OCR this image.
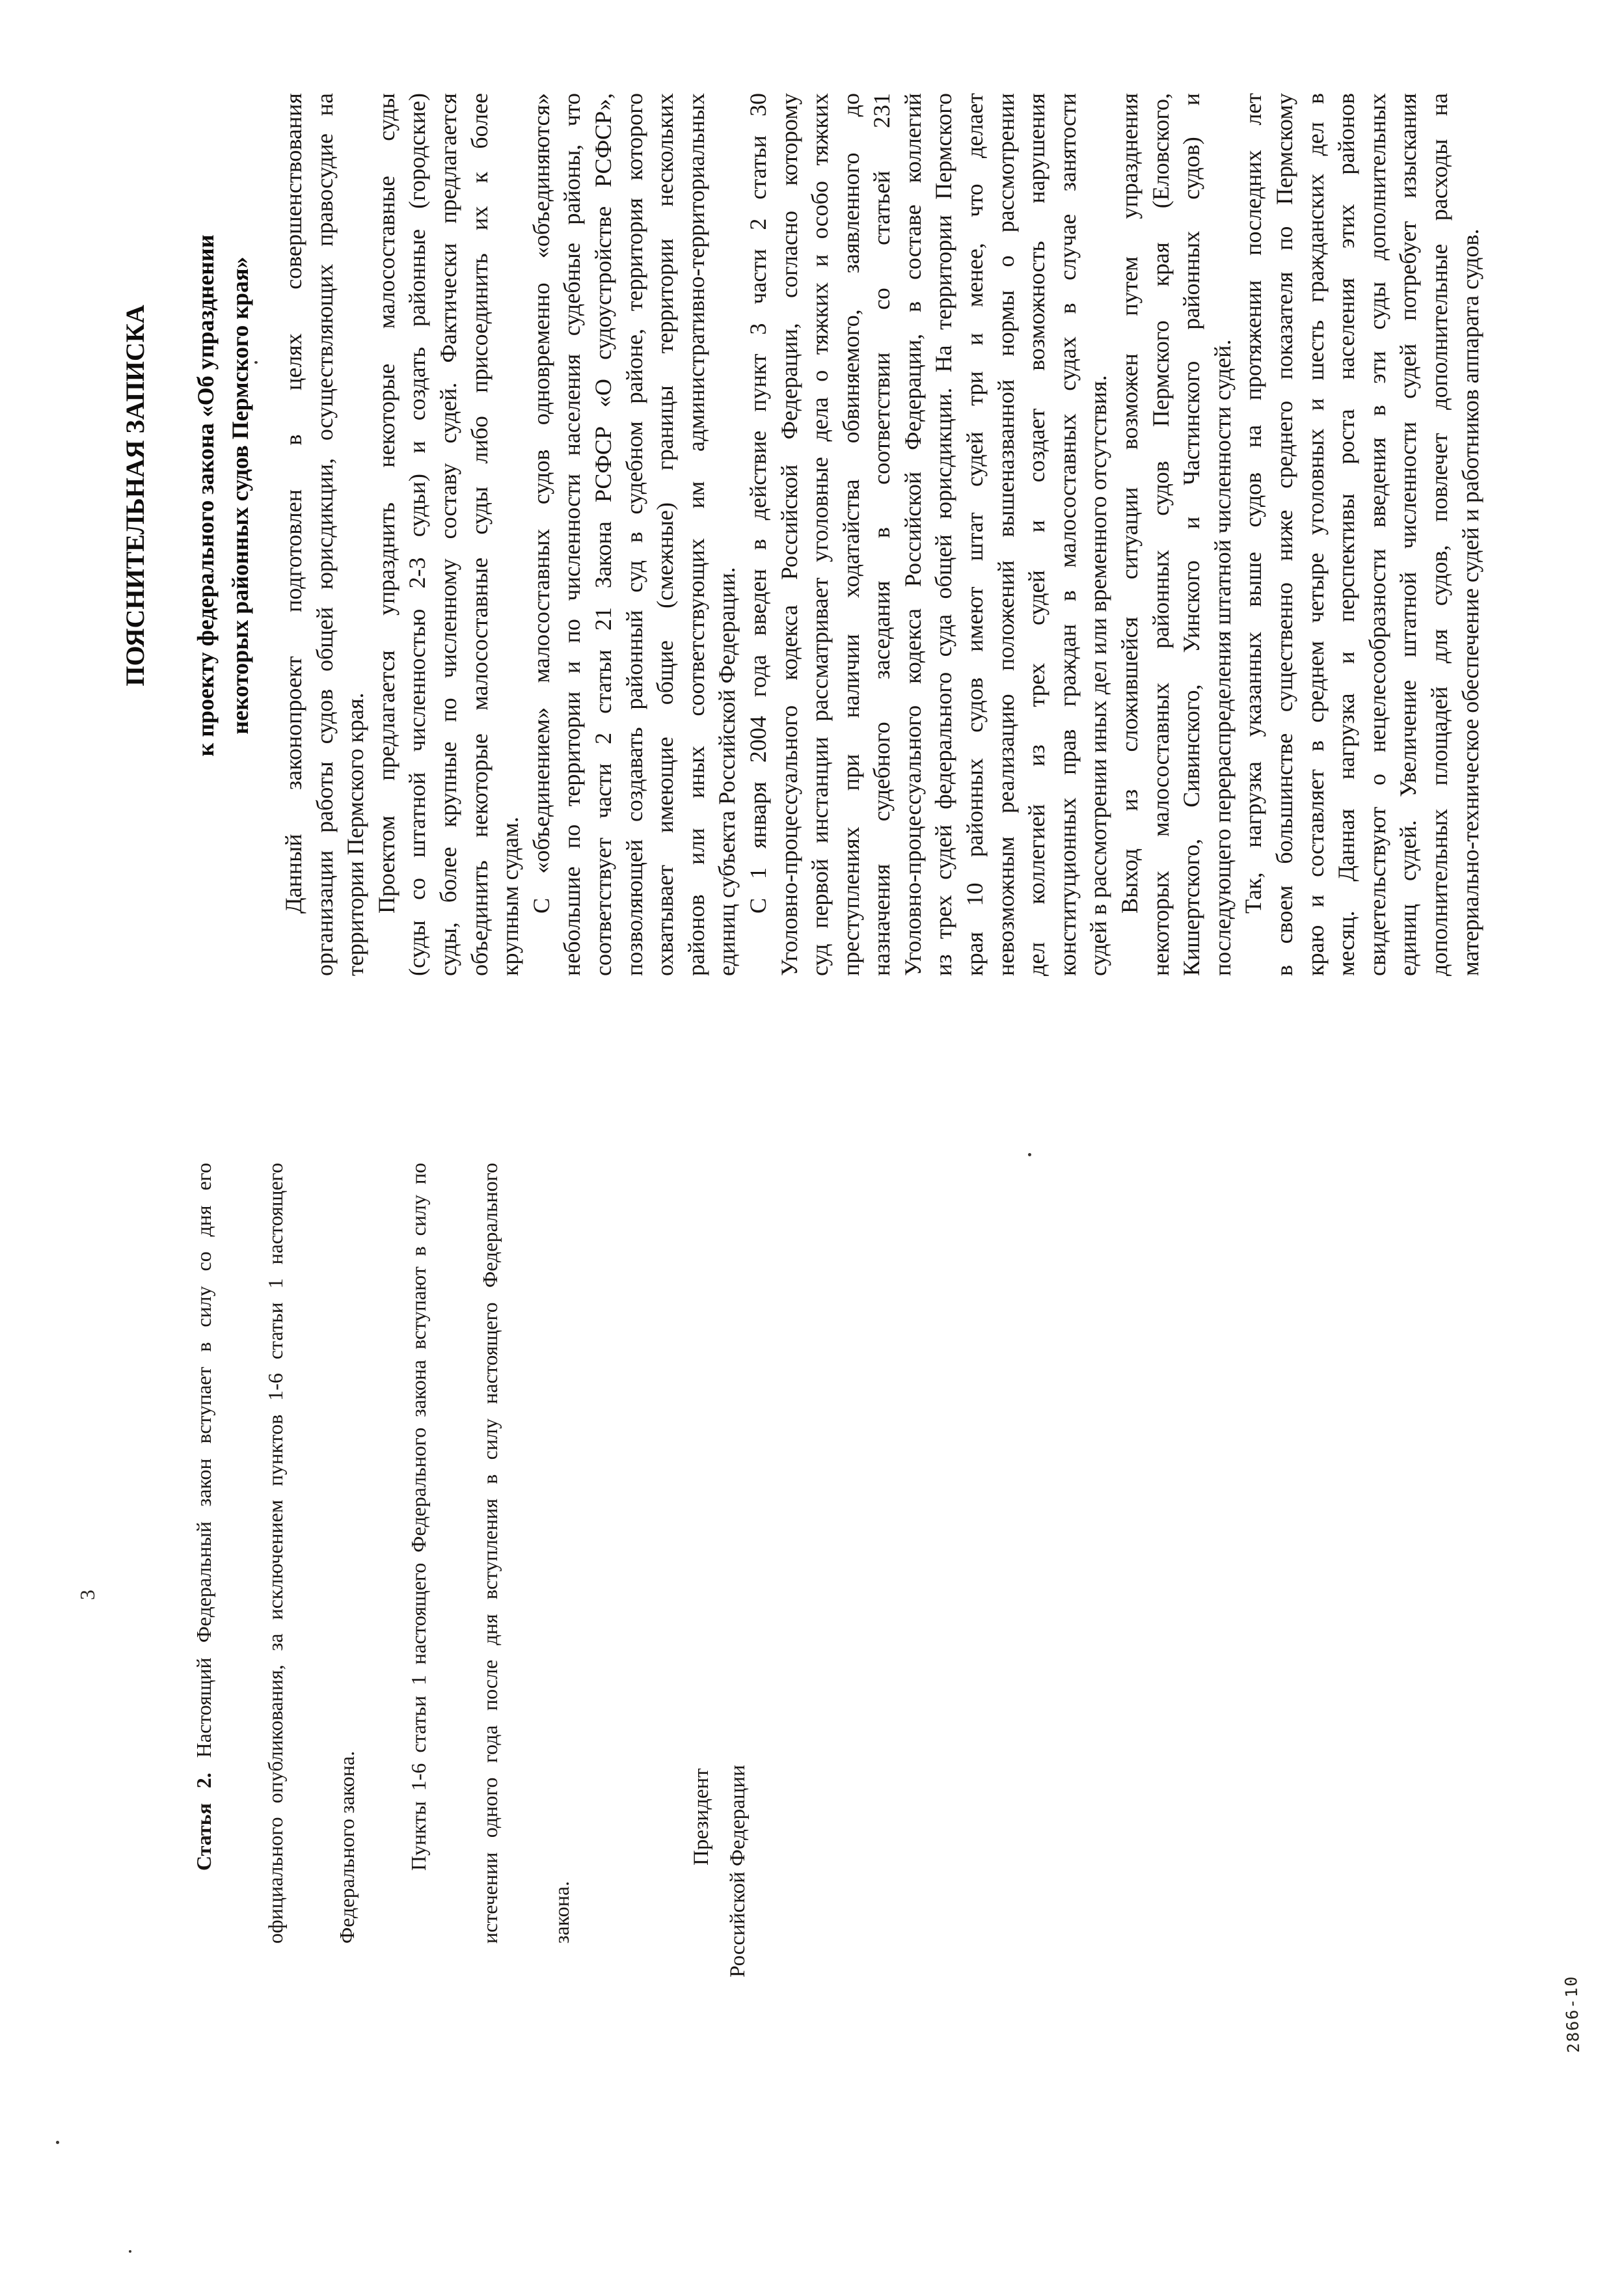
3
Статья 2. Настоящий Федеральный закон вступает в силу со дня его	официального опубликования, за исключением пунктов 1-6 статьи 1 настоящего	Федерального закона.	Пункты 1-6 статьи 1 настоящего Федерального закона вступают в силу по	истечении одного года после дня вступления в силу настоящего Федерального	закона.
Президент Российской Федерации
2866-10
ПОЯСНИТЕЛЬНАЯ ЗАПИСКА к проекту федерального закона «Об упразднении некоторых районных судов Пермского края» Данный законопроект подготовлен в целях совершенствования организации работы судов общей юрисдикции, осуществляющих правосудие на территории Пермского края. Проектом предлагается упразднить некоторые малосоставные суды (суды со штатной численностью 2-3 судьи) и создать районные (городские) суды, более крупные по численному составу судей. Фактически предлагается объединить некоторые малосоставные суды либо присоединить их к более крупным судам. С «объединением» малосоставных судов одновременно «объединяются» небольшие по территории и по численности населения судебные районы, что соответствует части 2 статьи 21 Закона РСФСР «О судоустройстве РСФСР», позволяющей создавать районный суд в судебном районе, территория которого охватывает имеющие общие (смежные) границы территории нескольких районов или иных соответствующих им административно-территориальных единиц субъекта Российской Федерации. С 1 января 2004 года введен в действие пункт 3 части 2 статьи 30 Уголовно-процессуального кодекса Российской Федерации, согласно которому суд первой инстанции рассматривает уголовные дела о тяжких и особо тяжких преступлениях при наличии ходатайства обвиняемого, заявленного до назначения судебного заседания в соответствии со статьей 231 Уголовно-процессуального кодекса Российской Федерации, в составе коллегий из трех судей федерального суда общей юрисдикции. На территории Пермского края 10 районных судов имеют штат судей три и менее, что делает невозможным реализацию положений вышеназванной нормы о рассмотрении дел коллегией из трех судей и создает возможность нарушения конституционных прав граждан в малосоставных судах в случае занятости судей в рассмотрении иных дел или временного отсутствия. Выход из сложившейся ситуации возможен путем упразднения некоторых малосоставных районных судов Пермского края (Еловского, Кишертского, Сивинского, Уинского и Частинского районных судов) и последующего перераспределения штатной численности судей. Так, нагрузка указанных выше судов на протяжении последних лет в своем большинстве существенно ниже среднего показателя по Пермскому краю и составляет в среднем четыре уголовных и шесть гражданских дел в месяц. Данная нагрузка и перспективы роста населения этих районов свидетельствуют о нецелесообразности введения в эти суды дополнительных единиц судей. Увеличение штатной численности судей потребует изыскания дополнительных площадей для судов, повлечет дополнительные расходы на материально-техническое обеспечение судей и работников аппарата судов.
